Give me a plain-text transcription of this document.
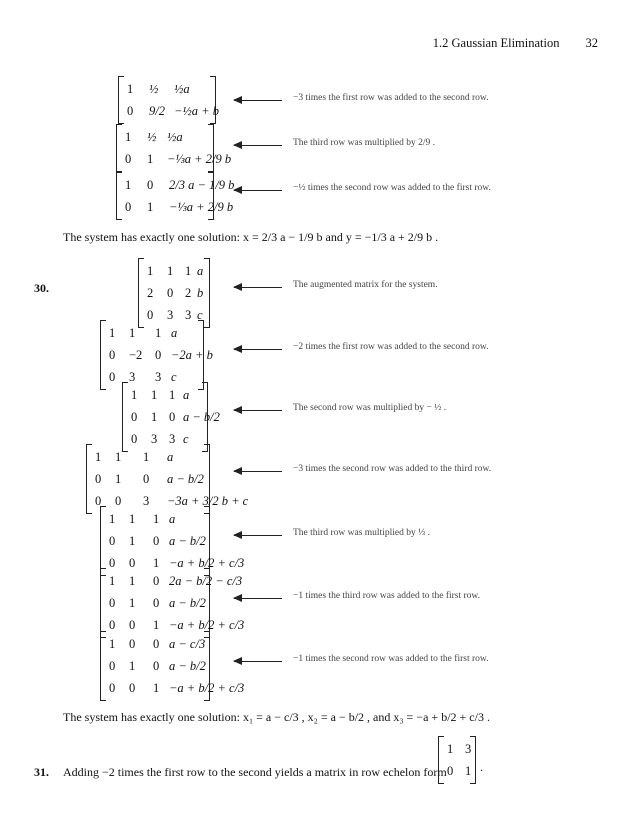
1.2 Gaussian Elimination 32
1 ½ ½a
0 9/2 −½a + b
−3 times the first row was added to the second row.
1 ½ ½a
0 1 −⅓a + 2/9 b
The third row was multiplied by 2/9 .
1 0 2/3 a − 1/9 b
0 1 −⅓a + 2/9 b
−½ times the second row was added to the first row.
The system has exactly one solution: x = 2/3 a − 1/9 b and y = −1/3 a + 2/9 b .
30.
1 1 1 a
2 0 2 b
0 3 3 c
The augmented matrix for the system.
1 1 1 a
0 −2 0 −2a + b
0 3 3 c
−2 times the first row was added to the second row.
1 1 1 a
0 1 0 a − b/2
0 3 3 c
The second row was multiplied by − ½ .
1 1 1 a
0 1 0 a − b/2
0 0 3 −3a + 3/2 b + c
−3 times the second row was added to the third row.
1 1 1 a
0 1 0 a − b/2
0 0 1 −a + b/2 + c/3
The third row was multiplied by ⅓ .
1 1 0 2a − b/2 − c/3
0 1 0 a − b/2
0 0 1 −a + b/2 + c/3
−1 times the third row was added to the first row.
1 0 0 a − c/3
0 1 0 a − b/2
0 0 1 −a + b/2 + c/3
−1 times the second row was added to the first row.
The system has exactly one solution: x₁ = a − c/3 , x₂ = a − b/2 , and x₃ = −a + b/2 + c/3 .
31. Adding −2 times the first row to the second yields a matrix in row echelon form
1 3
0 1 .
